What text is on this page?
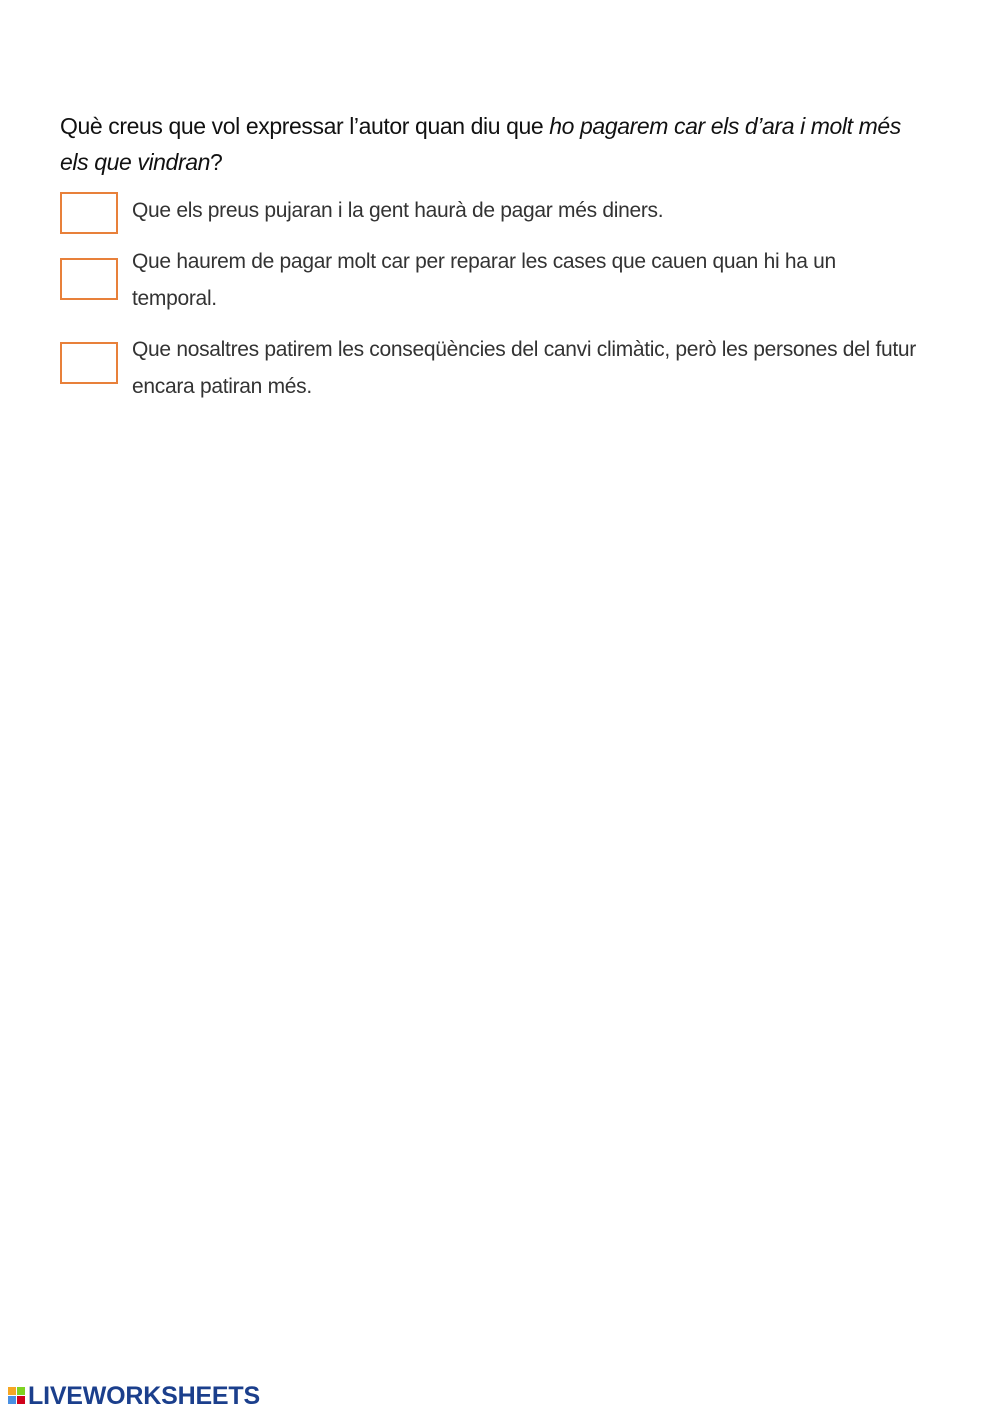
Què creus que vol expressar l’autor quan diu que ho pagarem car els d’ara i molt més els que vindran?

Que els preus pujaran i la gent haurà de pagar més diners.
Que haurem de pagar molt car per reparar les cases que cauen quan hi ha un temporal.
Que nosaltres patirem les conseqüències del canvi climàtic, però les persones del futur encara patiran més.
LIVEWORKSHEETS
